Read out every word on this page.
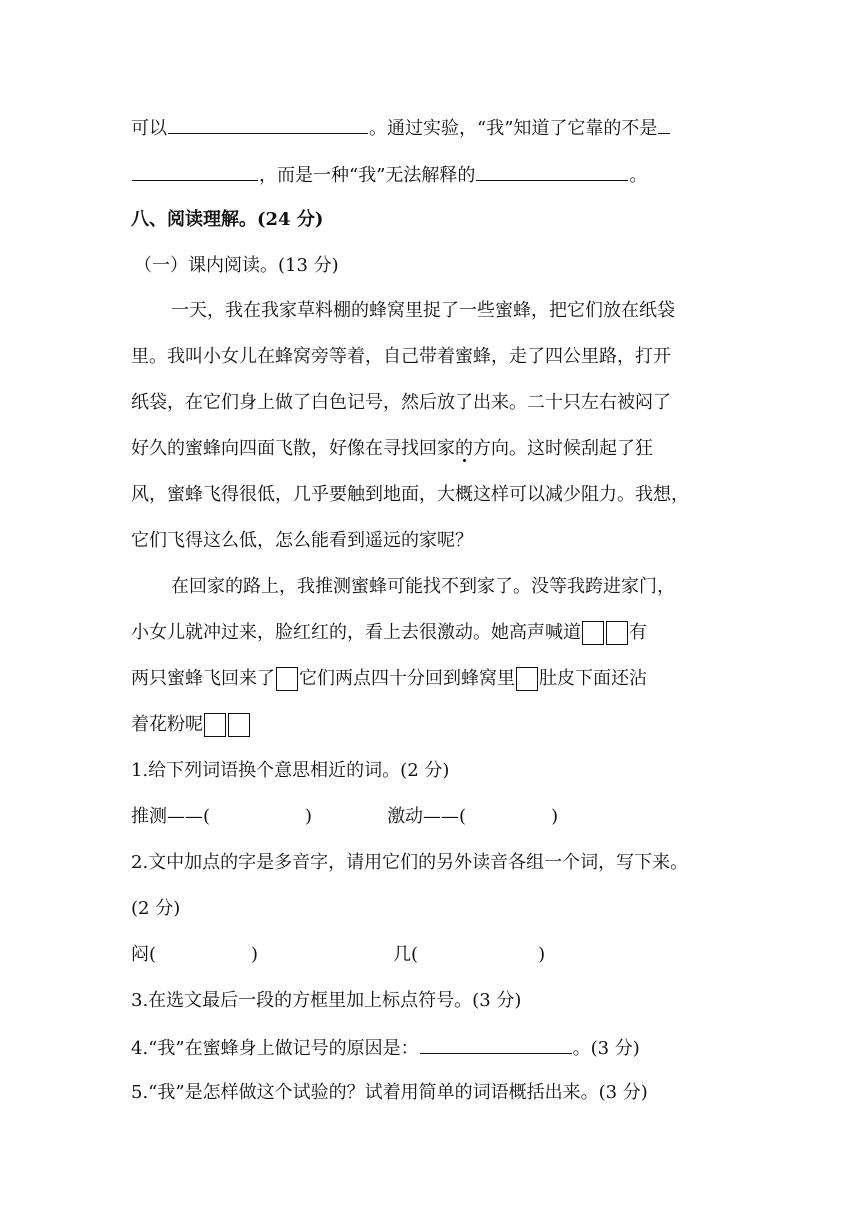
可以	。通过实验，“我”知道了它靠的不是
，而是一种“我”无法解释的	。
八、阅读理解。(24 分)
（一）课内阅读。(13 分)
一天，我在我家草料棚的蜂窝里捉了一些蜜蜂，把它们放在纸袋
里。我叫小女儿在蜂窝旁等着，自己带着蜜蜂，走了四公里路，打开
纸袋，在它们身上做了白色记号，然后放了出来。二十只左右被闷了
好久的蜜蜂向四面飞散，好像在寻找回家的方向。这时候刮起了狂
风，蜜蜂飞得很低，几乎要触到地面，大概这样可以减少阻力。我想，
它们飞得这么低，怎么能看到遥远的家呢？
在回家的路上，我推测蜜蜂可能找不到家了。没等我跨进家门，
小女儿就冲过来，脸红红的，看上去很激动。她高声喊道	有
两只蜜蜂飞回来了 它们两点四十分回到蜂窝里 肚皮下面还沾
着花粉呢
1.给下列词语换个意思相近的词。(2 分)
推测——(	)	激动——(	)
2.文中加点的字是多音字，请用它们的另外读音各组一个词，写下来。
(2 分)
闷(	)	几(	)
3.在选文最后一段的方框里加上标点符号。(3 分)
4.“我”在蜜蜂身上做记号的原因是：	。(3 分)
5.“我”是怎样做这个试验的？试着用简单的词语概括出来。(3 分)
